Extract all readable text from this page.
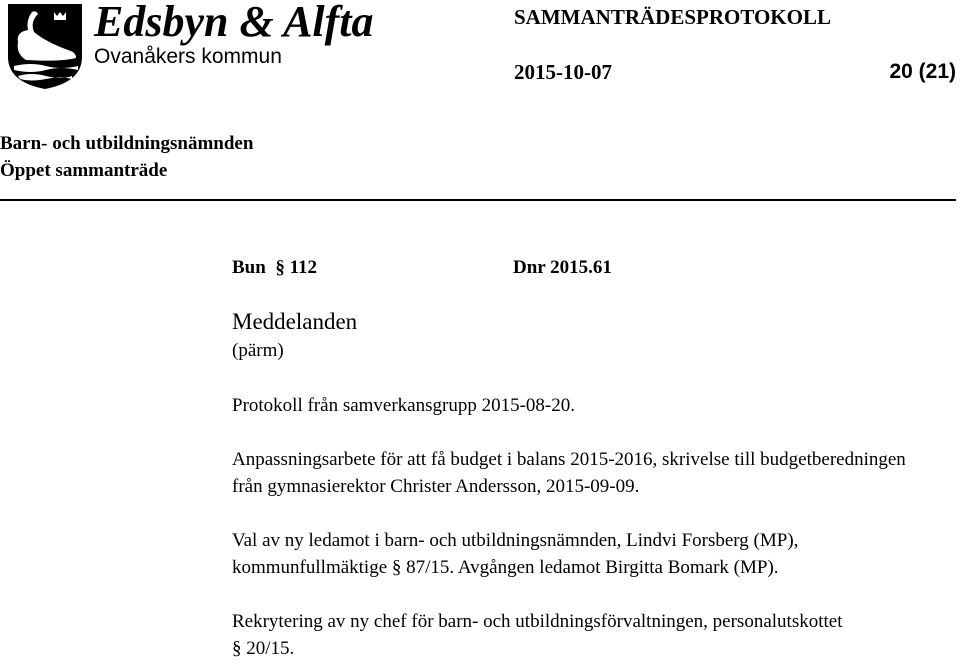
Edsbyn & Alfta
Ovanåkers kommun
SAMMANTRÄDESPROTOKOLL
2015-10-07	20 (21)
Barn- och utbildningsnämnden
Öppet sammanträde
Bun § 112	Dnr 2015.61
Meddelanden
(pärm)

Protokoll från samverkansgrupp 2015-08-20.

Anpassningsarbete för att få budget i balans 2015-2016, skrivelse till budgetberedningen från gymnasierektor Christer Andersson, 2015-09-09.

Val av ny ledamot i barn- och utbildningsnämnden, Lindvi Forsberg (MP), kommunfullmäktige § 87/15. Avgången ledamot Birgitta Bomark (MP).

Rekrytering av ny chef för barn- och utbildningsförvaltningen, personalutskottet § 20/15.
